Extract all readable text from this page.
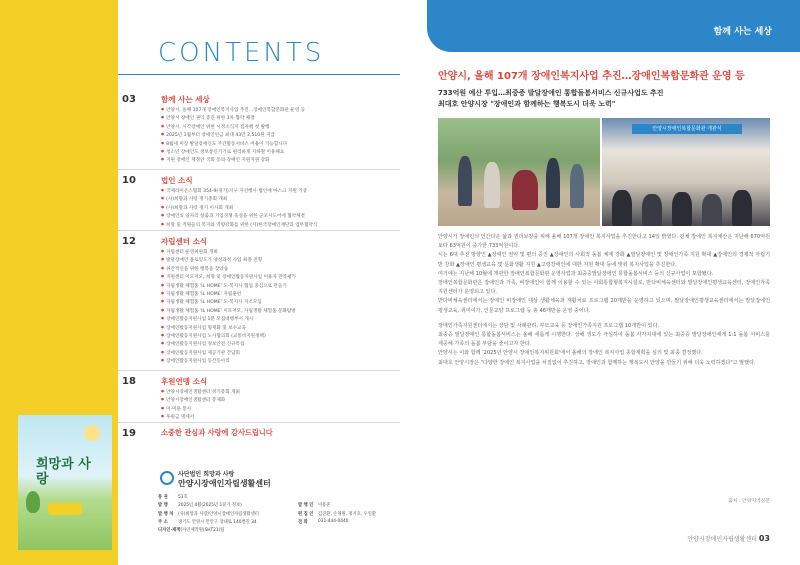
CONTENTS
03	함께 사는 세상
● 안양시, 올해 107개 장애인복지사업 추진…장애인복합문화관 운영 등
● 안양시 장애인 권익 증진 위한 3차 협약 체결
● 안양시, 시각장애인 위한 시정소식지 점자책 첫 발행
● 2025년 1월부터 장애인연금 최대 43만 2,510원 지급
● 8월세 미장 발달장애인도 주간활동서비스 이용이 가능합니다
● 청소년 장애인도 정보통신기기로 편리하게 지하철 이용해요
● 지원 장애인 재정안 국회 동의·장애인 지원지원 강화
10	법인 소식
● 국제라이온스협회 354-9(경기)지구 자선행사 법인에 마스크 지원 기증
● (사)희망과 사랑 정기총회 개최
● (사)희망과 사랑 정기 이사회 개최
● 장애인의 일자리 창출과 기업경쟁 육성을 위한 군포시도어에 협약체결
● 희망 및 직원들의 복지와 역량강화를 위한 (사)한국장애인재단과 업무협약식
12	자립센터 소식
● 자립센터 운영위원회 개최
● 발달장애인 홈로밍도가 양성과정 사업 최종 전형
● 위안적인을 위한 행복을 찾았습
● 지원센터 이모저모, 희망 및 장애인활동지원사업 이용자 만족평가
● 자립생활 체험홈 'IL HOME' 도·복지사 협업 중심으로 만들기
● 자립생활 체험홈 'IL HOME' 자립훈련
● 자립생활 체험홈 'IL HOME' 도·복지사 자조모임
● 자립생활 체험홈 'IL HOME' 이모저모, 자립생활 체험홈 문화탐방
● 장애인활동지원사업 1분 모집대행부서 개시
● 장애인활동지원사업 형재화 및 보수교육
● 장애인활동지원사업 노사협의회 (교통비지원정책)
● 장애인활동지원사업 정보안전 신규특집
● 장애인활동지원사업 제공기관 간담회
● 장애인활동지원사업 등산동아리
18	후원연맹 소식
● 안양시장애인생활센터 정기총회 개최
● 안양시장애인생활센터 봉제화
● 이·미용 봉사
● 후원금 명세서
19	소중한 관심과 사랑에 감사드립니다
희망과 사랑	사단법인 희망과 사랑
안양시장애인자립생활센터
통 권 53호
발 행 2025년 4월(2025년 1분기 정보)	발 행 인 이용준
발 행 처 (사)희망과 사랑/안양시장애인자립생활센터	편 집 인 김진환, 손채원, 정지호, 우일환
주 소 경기도 안양시 만안구 장내로 140번길 34	전 화 031-444-0440
디자인·제작
디자인제작원(SHT21)팀
함께 사는 세상
안양시, 올해 107개 장애인복지사업 추진…장애인복합문화관 운영 등
733억원 예산 투입…최중증 발달장애인 통합돌봄서비스 신규사업도 추진
최대호 안양시장 "장애인과 함께하는 행복도시 더욱 노력"
안양시장애인복합문화관 개관식

안양시가 장애인의 인간다운 삶과 권리보장을 위해 올해 107개 장애인 복지사업을 추진한다고 14일 밝혔다. 전체 장애인 복지예산은 지난해 670억원보다 63억원이 증가한 733억원이다.

시는 6대 추진 방향인 ▲장애인 권익 및 편의 증진 ▲장애인의 사회적 돌봄 체계 강화 ▲발달장애인 및 장애인가족 지원 확대 ▲장애인의 경제적 자립기반 강화 ▲장애인 평생교육 및 문화생활 지원 ▲고령장애인에 대한 지원 확대 등에 맞춰 복지사업을 추진한다.

여기에는 지난해 10월에 개관한 장애인복합문화관 운영사업과 최중증발달장애인 통합돌봄서비스 등의 신규사업이 포함됐다.

장애인복합문화관은 장애인과 가족, 비장애인이 함께 이용할 수 있는 사회통합형복지시설로, 반다비체육센터와 발달장애인평생교육센터, 장애인가족지원센터가 운영되고 있다.

반다비체육센터에서는 장애인 비장애인 대상 생활체육과 재활치료 프로그램 20개반을 운영하고 있으며, 발달장애인평생교육센터에서는 발달장애인 평생교육, 취미여가, 인문교양 프로그램 등 총 46개반을 운영 중이다.

장애인가족지원센터에서는 상담 및 사례관리, 부모교육 등 장애인가족지원 프로그램 10개반이 있다.

최중증 발달장애인 통합돌봄서비스는 올해 새롭게 시행한다. 상해 생도가 극심하여 돌봄 사각지대에 있는 최중증 발달장애인에게 1:1 돌봄 서비스를 제공해 가족의 돌봄 부담을 줄이고자 한다.

안양시는 이와 함께 '2025년 안양시 장애인복지위원회'에서 올해의 장애인 복지사업 종합계획을 심의 및 최종 결정했다.

최대호 안양시장은 "다양한 장애인 복지사업을 차질없이 추진하고, 장애인과 함께하는 행복도시 안양을 만들기 위해 더욱 노력하겠다"고 말했다.

출처 : 안양지역신문
안양시장애인자립생활센터 03
